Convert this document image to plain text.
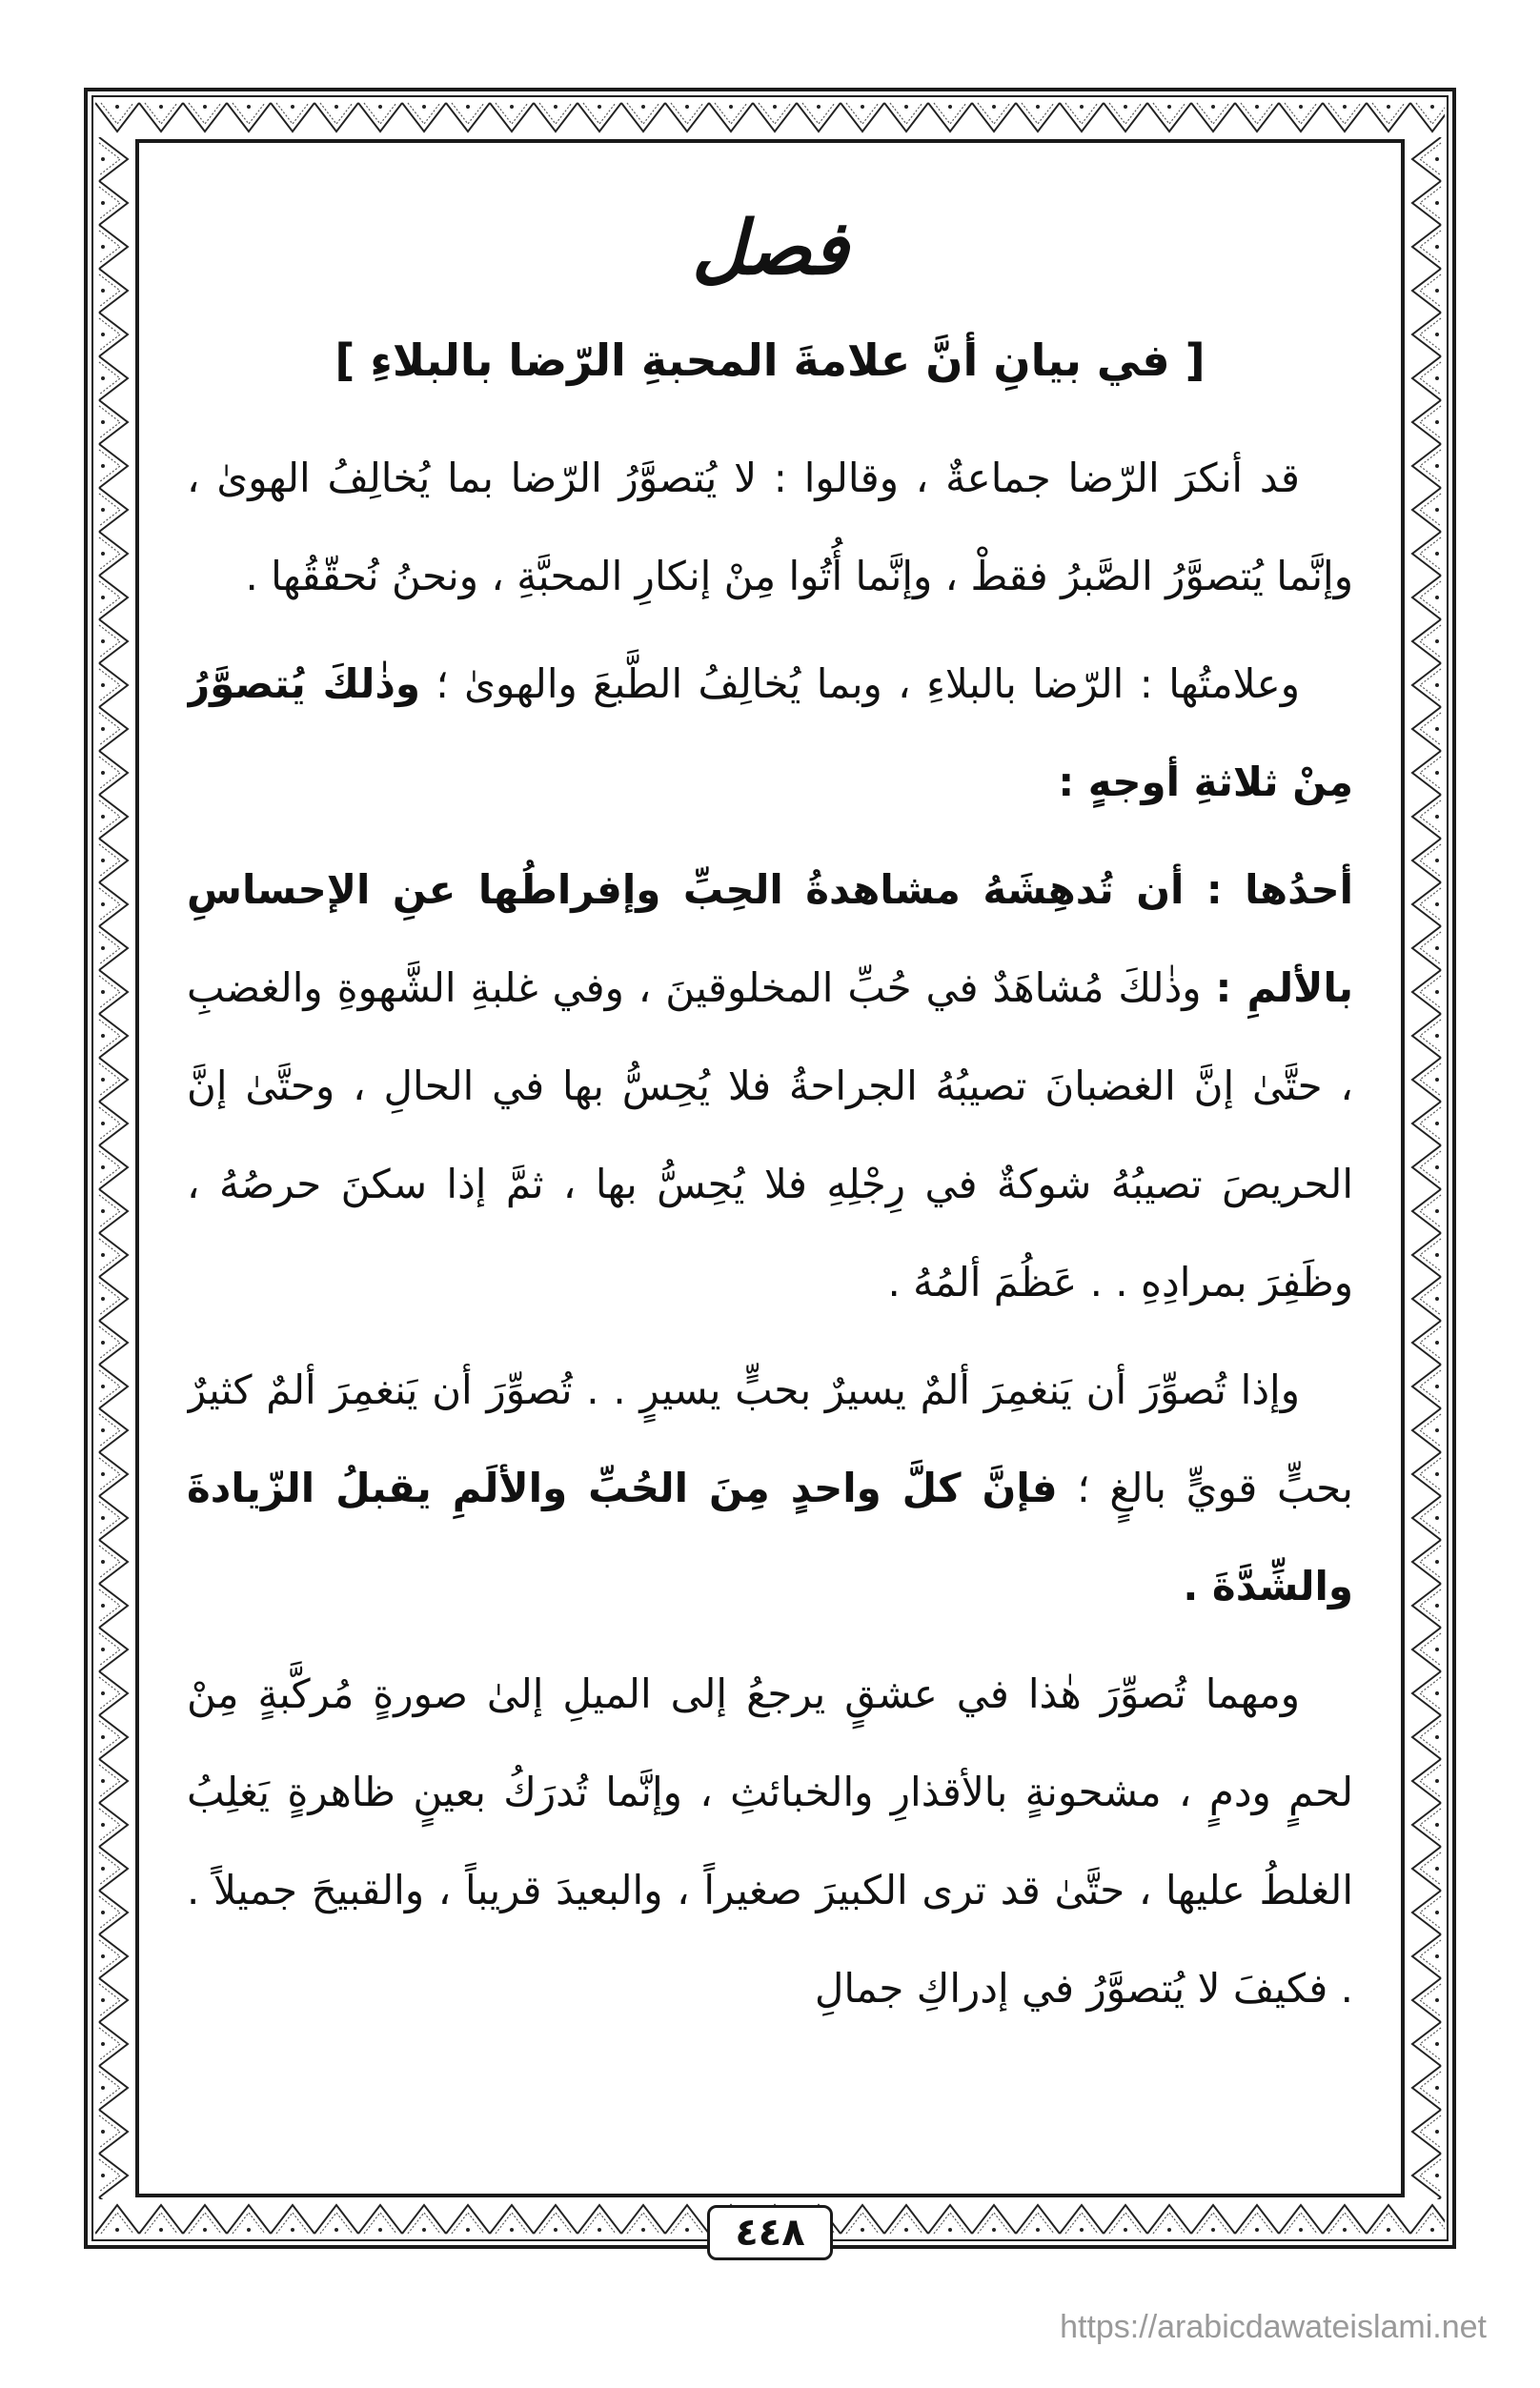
فصل
[ في بيانِ أنَّ علامةَ المحبةِ الرّضا بالبلاءِ ]

قد أنكرَ الرّضا جماعةٌ ، وقالوا : لا يُتصوَّرُ الرّضا بما يُخالِفُ الهوىٰ ، وإنَّما يُتصوَّرُ الصَّبرُ فقطْ ، وإنَّما أُتُوا مِنْ إنكارِ المحبَّةِ ، ونحنُ نُحقّقُها .

وعلامتُها : الرّضا بالبلاءِ ، وبما يُخالِفُ الطَّبعَ والهوىٰ ؛ وذٰلكَ يُتصوَّرُ مِنْ ثلاثةِ أوجهٍ :

أحدُها : أن تُدهِشَهُ مشاهدةُ الحِبِّ وإفراطُها عنِ الإحساسِ بالألمِ : وذٰلكَ مُشاهَدٌ في حُبِّ المخلوقينَ ، وفي غلبةِ الشَّهوةِ والغضبِ ، حتَّىٰ إنَّ الغضبانَ تصيبُهُ الجراحةُ فلا يُحِسُّ بها في الحالِ ، وحتَّىٰ إنَّ الحريصَ تصيبُهُ شوكةٌ في رِجْلِهِ فلا يُحِسُّ بها ، ثمَّ إذا سكنَ حرصُهُ ، وظَفِرَ بمرادِهِ . . عَظُمَ ألمُهُ .

وإذا تُصوِّرَ أن يَنغمِرَ ألمٌ يسيرٌ بحبٍّ يسيرٍ . . تُصوِّرَ أن يَنغمِرَ ألمٌ كثيرٌ بحبٍّ قويٍّ بالغٍ ؛ فإنَّ كلَّ واحدٍ مِنَ الحُبِّ والألَمِ يقبلُ الزّيادةَ والشِّدَّةَ .

ومهما تُصوِّرَ هٰذا في عشقٍ يرجعُ إلى الميلِ إلىٰ صورةٍ مُركَّبةٍ مِنْ لحمٍ ودمٍ ، مشحونةٍ بالأقذارِ والخبائثِ ، وإنَّما تُدرَكُ بعينٍ ظاهرةٍ يَغلِبُ الغلطُ عليها ، حتَّىٰ قد ترى الكبيرَ صغيراً ، والبعيدَ قريباً ، والقبيحَ جميلاً . . فكيفَ لا يُتصوَّرُ في إدراكِ جمالِ

٤٤٨
https://arabicdawateislami.net
